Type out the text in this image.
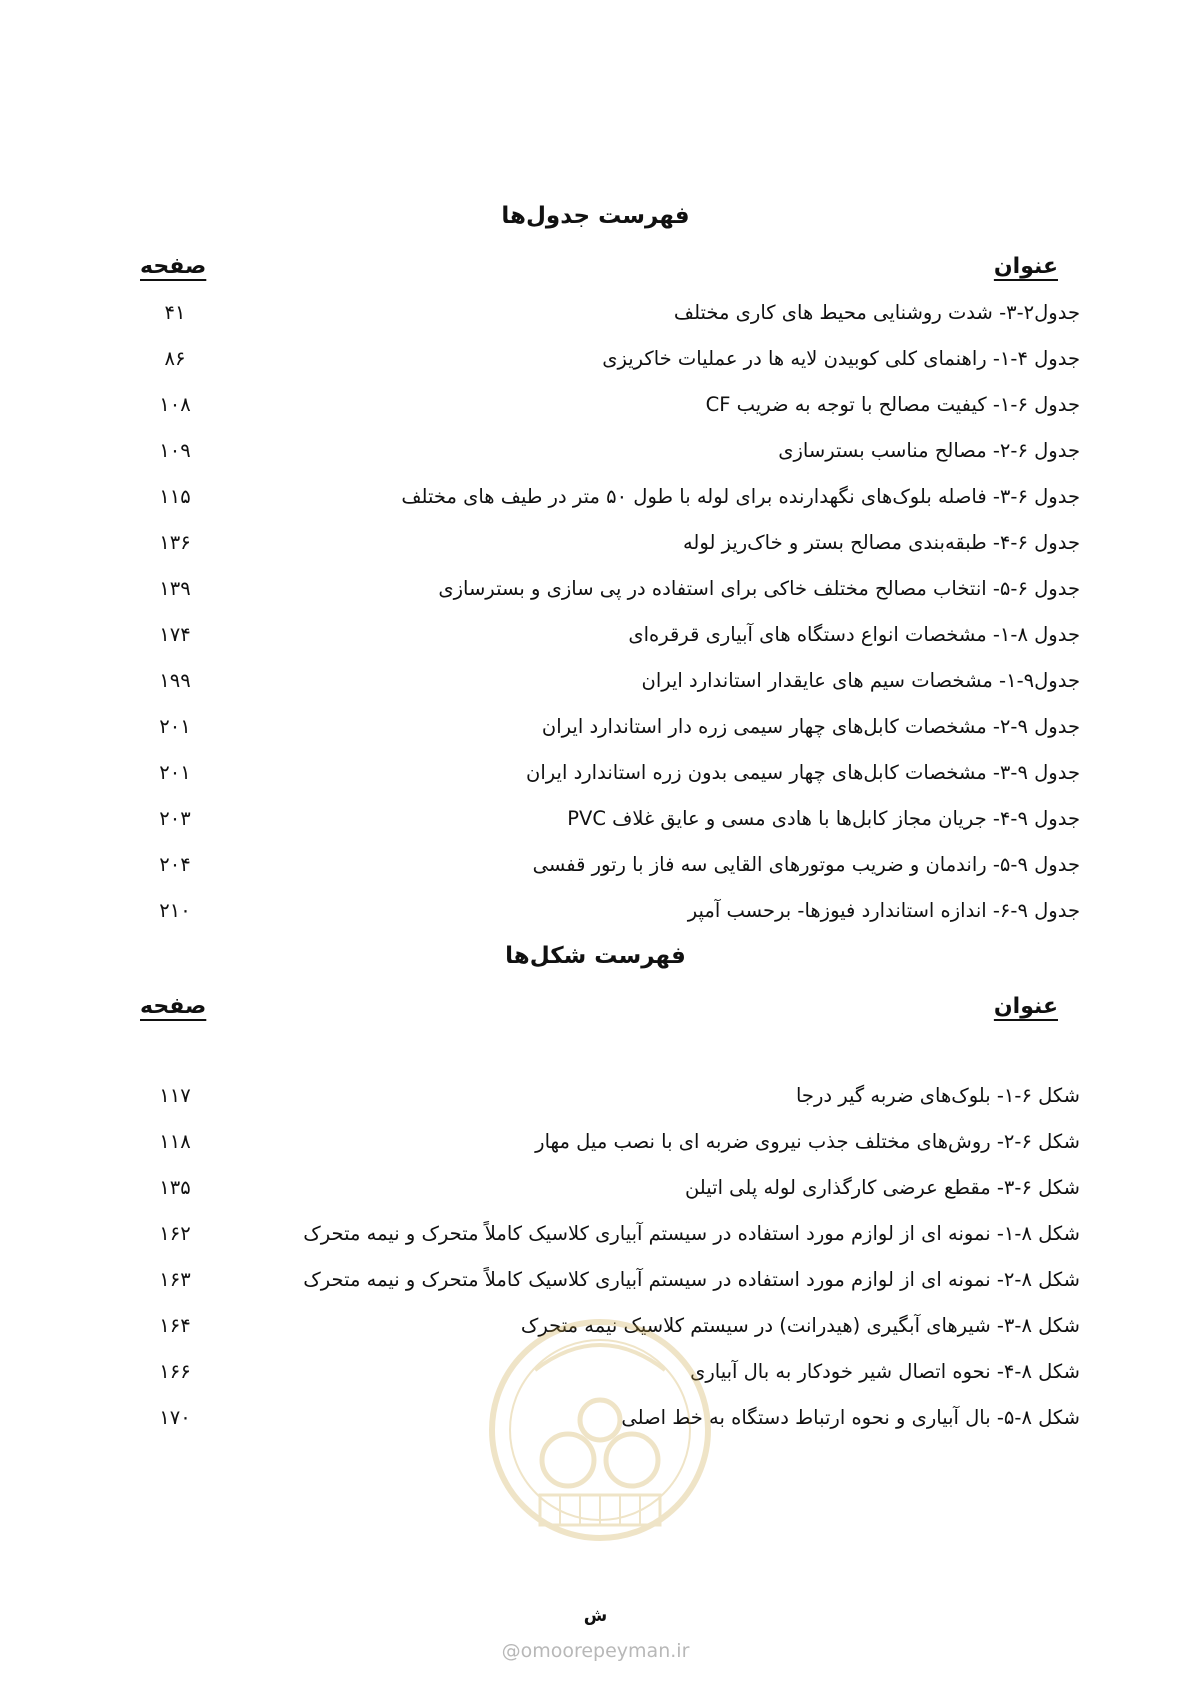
فهرست جدول‌ها
عنوان
صفحه
جدول۲-۳- شدت روشنایی محیط های کاری مختلف
۴۱
جدول ۴-۱- راهنمای کلی کوبیدن لایه ها در عملیات خاکریزی
۸۶
جدول ۶-۱- کیفیت مصالح با توجه به ضریب CF
۱۰۸
جدول ۶-۲- مصالح مناسب بسترسازی
۱۰۹
جدول ۶-۳- فاصله بلوک‌های نگهدارنده برای لوله با طول ۵۰ متر در طیف های مختلف
۱۱۵
جدول ۶-۴- طبقه‌بندی مصالح بستر و خاک‌ریز لوله
۱۳۶
جدول ۶-۵- انتخاب مصالح مختلف خاکی برای استفاده در پی سازی و بسترسازی
۱۳۹
جدول ۸-۱- مشخصات انواع دستگاه های آبیاری قرقره‌ای
۱۷۴
جدول۹-۱- مشخصات سیم های عایقدار استاندارد ایران
۱۹۹
جدول ۹-۲- مشخصات کابل‌های چهار سیمی زره دار استاندارد ایران
۲۰۱
جدول ۹-۳- مشخصات کابل‌های چهار سیمی بدون زره استاندارد ایران
۲۰۱
جدول ۹-۴- جریان مجاز کابل‌ها با هادی مسی و عایق غلاف PVC
۲۰۳
جدول ۹-۵- راندمان و ضریب موتورهای القایی سه فاز با رتور قفسی
۲۰۴
جدول ۹-۶- اندازه استاندارد فیوزها- برحسب آمپر
۲۱۰
فهرست شکل‌ها
عنوان
صفحه
شکل ۶-۱- بلوک‌های ضربه گیر درجا
۱۱۷
شکل ۶-۲- روش‌های مختلف جذب نیروی ضربه ای با نصب میل مهار
۱۱۸
شکل ۶-۳- مقطع عرضی کارگذاری لوله پلی اتیلن
۱۳۵
شکل ۸-۱- نمونه ای از لوازم مورد استفاده در سیستم آبیاری کلاسیک کاملاً متحرک و نیمه متحرک
۱۶۲
شکل ۸-۲- نمونه ای از لوازم مورد استفاده در سیستم آبیاری کلاسیک کاملاً متحرک و نیمه متحرک
۱۶۳
شکل ۸-۳- شیرهای آبگیری (هیدرانت) در سیستم کلاسیک نیمه متحرک
۱۶۴
شکل ۸-۴- نحوه اتصال شیر خودکار به بال آبیاری
۱۶۶
شکل ۸-۵- بال آبیاری و نحوه ارتباط دستگاه به خط اصلی
۱۷۰
ش
@omoorepeyman.ir
